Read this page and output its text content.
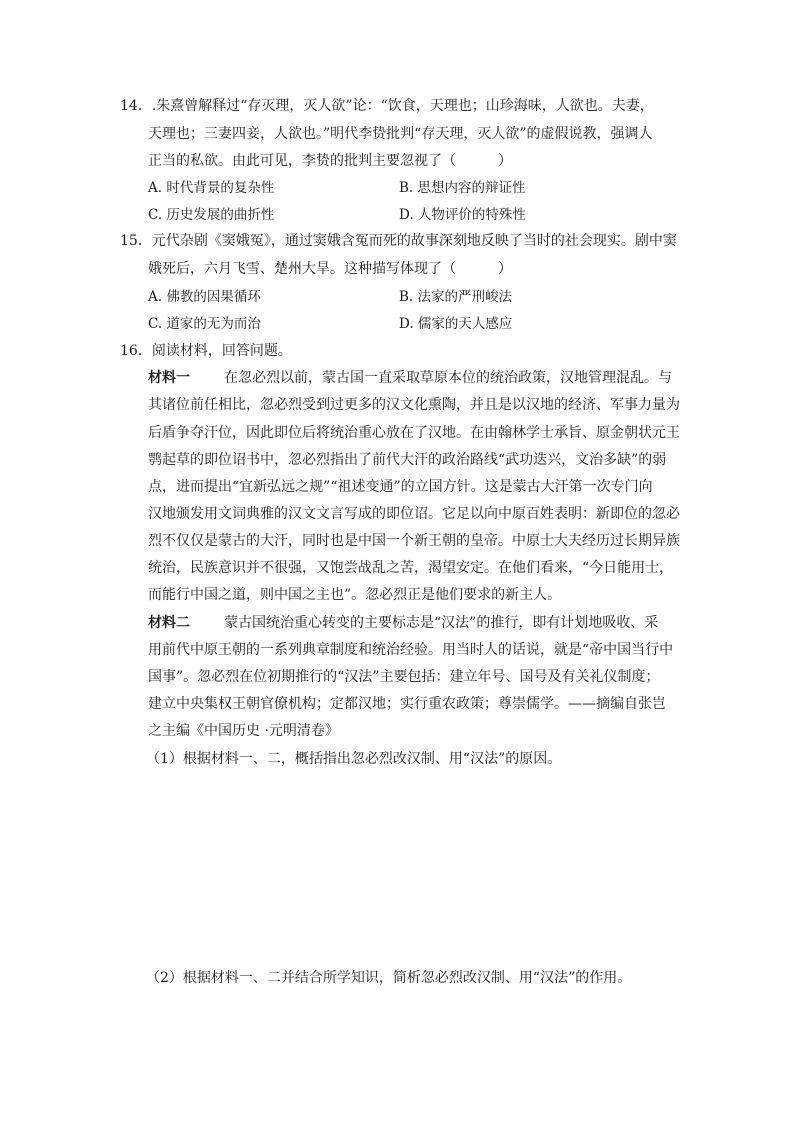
14．.朱熹曾解释过“存灭理，灭人欲”论：“饮食，天理也；山珍海味，人欲也。夫妻，
天理也；三妻四妾，人欲也。”明代李贽批判“存天理，灭人欲”的虚假说教，强调人
正当的私欲。由此可见，李贽的批判主要忽视了（　　　）
A. 时代背景的复杂性	B. 思想内容的辩证性
C. 历史发展的曲折性	D. 人物评价的特殊性
15．元代杂剧《窦娥冤》，通过窦娥含冤而死的故事深刻地反映了当时的社会现实。剧中窦
娥死后，六月飞雪、楚州大旱。这种描写体现了（　　　）
A. 佛教的因果循环	B. 法家的严刑峻法
C. 道家的无为而治	D. 儒家的天人感应
16．阅读材料，回答问题。
材料一 在忽必烈以前，蒙古国一直采取草原本位的统治政策，汉地管理混乱。与
其诸位前任相比，忽必烈受到过更多的汉文化熏陶，并且是以汉地的经济、军事力量为
后盾争夺汗位，因此即位后将统治重心放在了汉地。在由翰林学士承旨、原金朝状元王
鹗起草的即位诏书中，忽必烈指出了前代大汗的政治路线“武功迭兴，文治多缺”的弱
点，进而提出“宜新弘远之规”“祖述变通”的立国方针。这是蒙古大汗第一次专门向
汉地颁发用文词典雅的汉文文言写成的即位诏。它足以向中原百姓表明：新即位的忽必
烈不仅仅是蒙古的大汗，同时也是中国一个新王朝的皇帝。中原士大夫经历过长期异族
统治，民族意识并不很强，又饱尝战乱之苦，渴望安定。在他们看来，“今日能用士，
而能行中国之道，则中国之主也”。忽必烈正是他们要求的新主人。
材料二 蒙古国统治重心转变的主要标志是“汉法”的推行，即有计划地吸收、采
用前代中原王朝的一系列典章制度和统治经验。用当时人的话说，就是“帝中国当行中
国事”。忽必烈在位初期推行的“汉法”主要包括：建立年号、国号及有关礼仪制度；
建立中央集权王朝官僚机构；定都汉地；实行重农政策；尊崇儒学。——摘编自张岂
之主编《中国历史 ·元明清卷》
（1）根据材料一、二，概括指出忽必烈改汉制、用“汉法”的原因。
（2）根据材料一、二并结合所学知识，简析忽必烈改汉制、用“汉法”的作用。
